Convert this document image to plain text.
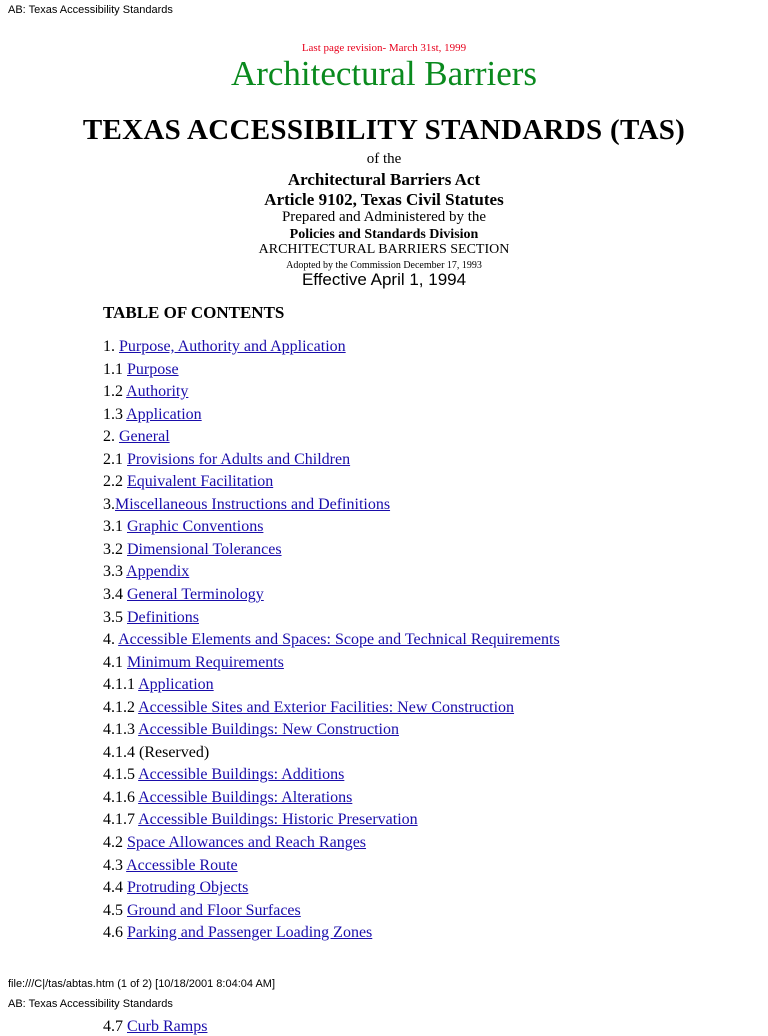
AB: Texas Accessibility Standards
Last page revision- March 31st, 1999
Architectural Barriers
TEXAS ACCESSIBILITY STANDARDS (TAS)
of the
Architectural Barriers Act
Article 9102, Texas Civil Statutes
Prepared and Administered by the
Policies and Standards Division
ARCHITECTURAL BARRIERS SECTION
Adopted by the Commission December 17, 1993
Effective April 1, 1994
TABLE OF CONTENTS
1. Purpose, Authority and Application
1.1 Purpose
1.2 Authority
1.3 Application
2. General
2.1 Provisions for Adults and Children
2.2 Equivalent Facilitation
3.Miscellaneous Instructions and Definitions
3.1 Graphic Conventions
3.2 Dimensional Tolerances
3.3 Appendix
3.4 General Terminology
3.5 Definitions
4. Accessible Elements and Spaces: Scope and Technical Requirements
4.1 Minimum Requirements
4.1.1 Application
4.1.2 Accessible Sites and Exterior Facilities: New Construction
4.1.3 Accessible Buildings: New Construction
4.1.4 (Reserved)
4.1.5 Accessible Buildings: Additions
4.1.6 Accessible Buildings: Alterations
4.1.7 Accessible Buildings: Historic Preservation
4.2 Space Allowances and Reach Ranges
4.3 Accessible Route
4.4 Protruding Objects
4.5 Ground and Floor Surfaces
4.6 Parking and Passenger Loading Zones
file:///C|/tas/abtas.htm (1 of 2) [10/18/2001 8:04:04 AM]
AB: Texas Accessibility Standards
4.7 Curb Ramps
